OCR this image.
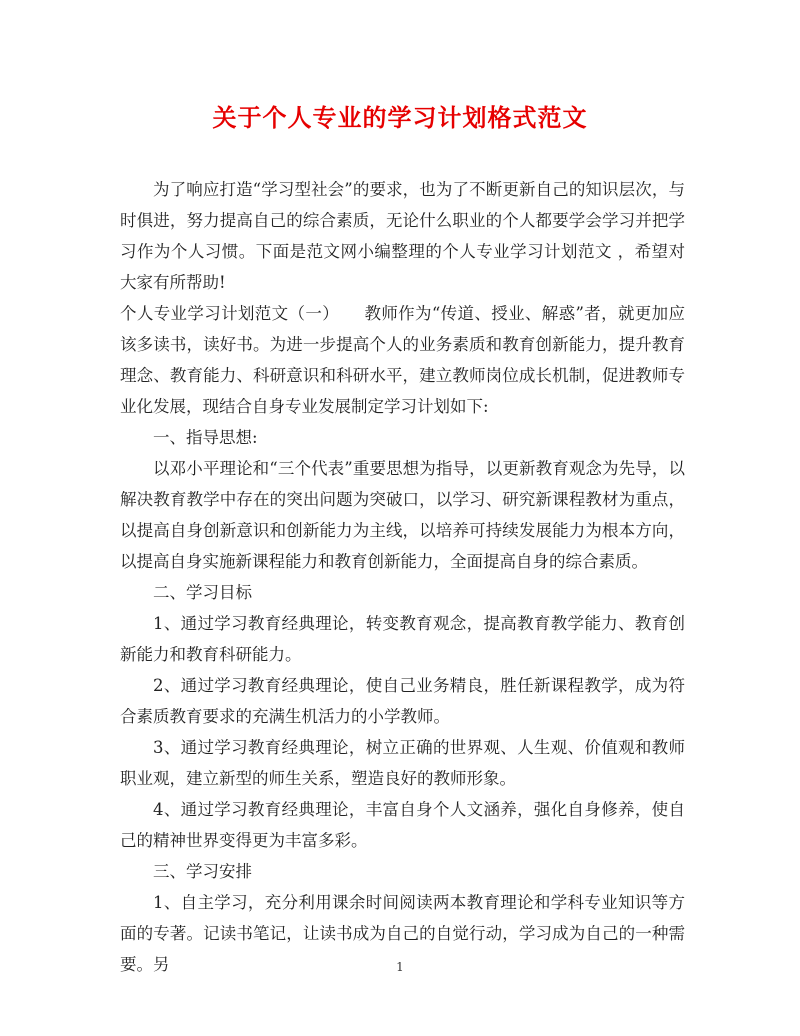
关于个人专业的学习计划格式范文

为了响应打造“学习型社会”的要求，也为了不断更新自己的知识层次，与时俱进，努力提高自己的综合素质，无论什么职业的个人都要学会学习并把学习作为个人习惯。下面是范文网小编整理的个人专业学习计划范文 ，希望对大家有所帮助!

个人专业学习计划范文（一）　　教师作为“传道、授业、解惑”者，就更加应该多读书，读好书。为进一步提高个人的业务素质和教育创新能力，提升教育理念、教育能力、科研意识和科研水平，建立教师岗位成长机制，促进教师专业化发展，现结合自身专业发展制定学习计划如下:

一、指导思想:

以邓小平理论和“三个代表”重要思想为指导，以更新教育观念为先导，以解决教育教学中存在的突出问题为突破口，以学习、研究新课程教材为重点，以提高自身创新意识和创新能力为主线，以培养可持续发展能力为根本方向，以提高自身实施新课程能力和教育创新能力，全面提高自身的综合素质。

二、学习目标

1、通过学习教育经典理论，转变教育观念，提高教育教学能力、教育创新能力和教育科研能力。

2、通过学习教育经典理论，使自己业务精良，胜任新课程教学，成为符合素质教育要求的充满生机活力的小学教师。

3、通过学习教育经典理论，树立正确的世界观、人生观、价值观和教师职业观，建立新型的师生关系，塑造良好的教师形象。

4、通过学习教育经典理论，丰富自身个人文涵养，强化自身修养，使自己的精神世界变得更为丰富多彩。

三、学习安排

1、自主学习，充分利用课余时间阅读两本教育理论和学科专业知识等方面的专著。记读书笔记，让读书成为自己的自觉行动，学习成为自己的一种需要。另	1
